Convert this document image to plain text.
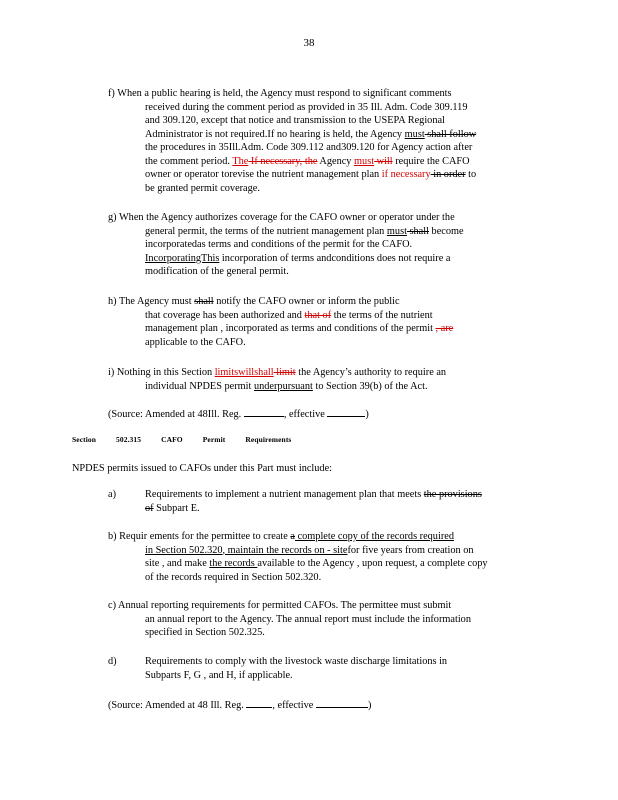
38
f) When a public hearing is held, the Agency must respond to significant comments
received during the comment period as provided in 35 Ill. Adm. Code 309.119
and 309.120, except that notice and transmission to the USEPA Regional
Administrator is not required.If no hearing is held, the Agency must shall follow
the procedures in 35Ill.Adm. Code 309.112 and309.120 for Agency action after
the comment period. The If necessary, the Agency must will require the CAFO
owner or operator torevise the nutrient management plan if necessary in order to
be granted permit coverage.
g) When the Agency authorizes coverage for the CAFO owner or operator under the
general permit, the terms of the nutrient management plan must shall become
incorporatedas terms and conditions of the permit for the CAFO.
IncorporatingThis incorporation of terms andconditions does not require a
modification of the general permit.
h) The Agency must shall notify the CAFO owner or inform the public
that coverage has been authorized and that of the terms of the nutrient
management plan , incorporated as terms and conditions of the permit , are
applicable to the CAFO.
i) Nothing in this Section limitswillshall limit the Agency’s authority to require an
individual NPDES permit underpursuant to Section 39(b) of the Act.
(Source: Amended at 48Ill. Reg.	, effective	)
Section	502.315	CAFO	Permit	Requirements
NPDES permits issued to CAFOs under this Part must include:
a)	Requirements to implement a nutrient management plan that meets the provisions
of Subpart E.
b) Requir ements for the permittee to create a complete copy of the records required
in Section 502.320, maintain the records on - sitefor five years from creation on
site , and make the records available to the Agency , upon request, a complete copy
of the records required in Section 502.320.
c) Annual reporting requirements for permitted CAFOs. The permittee must submit
an annual report to the Agency. The annual report must include the information
specified in Section 502.325.
d)	Requirements to comply with the livestock waste discharge limitations in
Subparts F, G , and H, if applicable.
(Source: Amended at 48 Ill. Reg.	, effective	)
